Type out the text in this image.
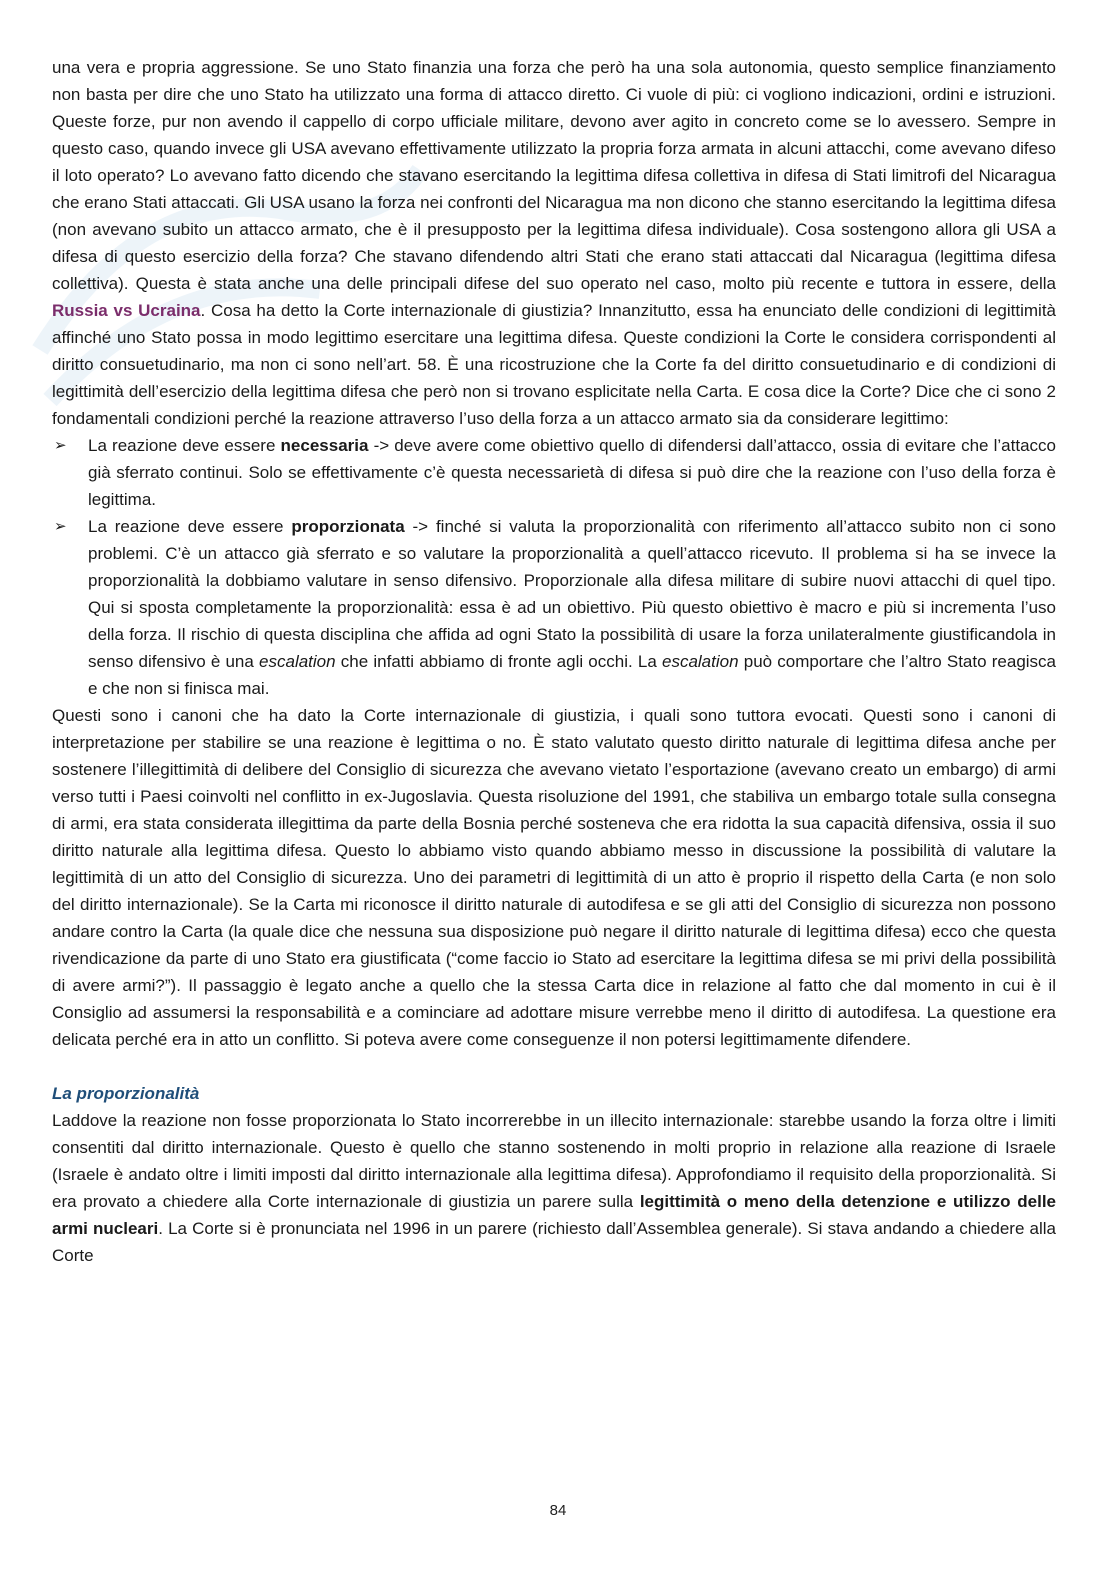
una vera e propria aggressione. Se uno Stato finanzia una forza che però ha una sola autonomia, questo semplice finanziamento non basta per dire che uno Stato ha utilizzato una forma di attacco diretto. Ci vuole di più: ci vogliono indicazioni, ordini e istruzioni. Queste forze, pur non avendo il cappello di corpo ufficiale militare, devono aver agito in concreto come se lo avessero. Sempre in questo caso, quando invece gli USA avevano effettivamente utilizzato la propria forza armata in alcuni attacchi, come avevano difeso il loto operato? Lo avevano fatto dicendo che stavano esercitando la legittima difesa collettiva in difesa di Stati limitrofi del Nicaragua che erano Stati attaccati. Gli USA usano la forza nei confronti del Nicaragua ma non dicono che stanno esercitando la legittima difesa (non avevano subito un attacco armato, che è il presupposto per la legittima difesa individuale). Cosa sostengono allora gli USA a difesa di questo esercizio della forza? Che stavano difendendo altri Stati che erano stati attaccati dal Nicaragua (legittima difesa collettiva). Questa è stata anche una delle principali difese del suo operato nel caso, molto più recente e tuttora in essere, della Russia vs Ucraina. Cosa ha detto la Corte internazionale di giustizia? Innanzitutto, essa ha enunciato delle condizioni di legittimità affinché uno Stato possa in modo legittimo esercitare una legittima difesa. Queste condizioni la Corte le considera corrispondenti al diritto consuetudinario, ma non ci sono nell’art. 58. È una ricostruzione che la Corte fa del diritto consuetudinario e di condizioni di legittimità dell’esercizio della legittima difesa che però non si trovano esplicitate nella Carta. E cosa dice la Corte? Dice che ci sono 2 fondamentali condizioni perché la reazione attraverso l’uso della forza a un attacco armato sia da considerare legittimo:

➢ La reazione deve essere necessaria -> deve avere come obiettivo quello di difendersi dall’attacco, ossia di evitare che l’attacco già sferrato continui. Solo se effettivamente c’è questa necessarietà di difesa si può dire che la reazione con l’uso della forza è legittima.
➢ La reazione deve essere proporzionata -> finché si valuta la proporzionalità con riferimento all’attacco subito non ci sono problemi. C’è un attacco già sferrato e so valutare la proporzionalità a quell’attacco ricevuto. Il problema si ha se invece la proporzionalità la dobbiamo valutare in senso difensivo. Proporzionale alla difesa militare di subire nuovi attacchi di quel tipo. Qui si sposta completamente la proporzionalità: essa è ad un obiettivo. Più questo obiettivo è macro e più si incrementa l’uso della forza. Il rischio di questa disciplina che affida ad ogni Stato la possibilità di usare la forza unilateralmente giustificandola in senso difensivo è una escalation che infatti abbiamo di fronte agli occhi. La escalation può comportare che l’altro Stato reagisca e che non si finisca mai.

Questi sono i canoni che ha dato la Corte internazionale di giustizia, i quali sono tuttora evocati. Questi sono i canoni di interpretazione per stabilire se una reazione è legittima o no. È stato valutato questo diritto naturale di legittima difesa anche per sostenere l’illegittimità di delibere del Consiglio di sicurezza che avevano vietato l’esportazione (avevano creato un embargo) di armi verso tutti i Paesi coinvolti nel conflitto in ex-Jugoslavia. Questa risoluzione del 1991, che stabiliva un embargo totale sulla consegna di armi, era stata considerata illegittima da parte della Bosnia perché sosteneva che era ridotta la sua capacità difensiva, ossia il suo diritto naturale alla legittima difesa. Questo lo abbiamo visto quando abbiamo messo in discussione la possibilità di valutare la legittimità di un atto del Consiglio di sicurezza. Uno dei parametri di legittimità di un atto è proprio il rispetto della Carta (e non solo del diritto internazionale). Se la Carta mi riconosce il diritto naturale di autodifesa e se gli atti del Consiglio di sicurezza non possono andare contro la Carta (la quale dice che nessuna sua disposizione può negare il diritto naturale di legittima difesa) ecco che questa rivendicazione da parte di uno Stato era giustificata (“come faccio io Stato ad esercitare la legittima difesa se mi privi della possibilità di avere armi?”). Il passaggio è legato anche a quello che la stessa Carta dice in relazione al fatto che dal momento in cui è il Consiglio ad assumersi la responsabilità e a cominciare ad adottare misure verrebbe meno il diritto di autodifesa. La questione era delicata perché era in atto un conflitto. Si poteva avere come conseguenze il non potersi legittimamente difendere.

La proporzionalità

Laddove la reazione non fosse proporzionata lo Stato incorrerebbe in un illecito internazionale: starebbe usando la forza oltre i limiti consentiti dal diritto internazionale. Questo è quello che stanno sostenendo in molti proprio in relazione alla reazione di Israele (Israele è andato oltre i limiti imposti dal diritto internazionale alla legittima difesa). Approfondiamo il requisito della proporzionalità. Si era provato a chiedere alla Corte internazionale di giustizia un parere sulla legittimità o meno della detenzione e utilizzo delle armi nucleari. La Corte si è pronunciata nel 1996 in un parere (richiesto dall’Assemblea generale). Si stava andando a chiedere alla Corte

84
